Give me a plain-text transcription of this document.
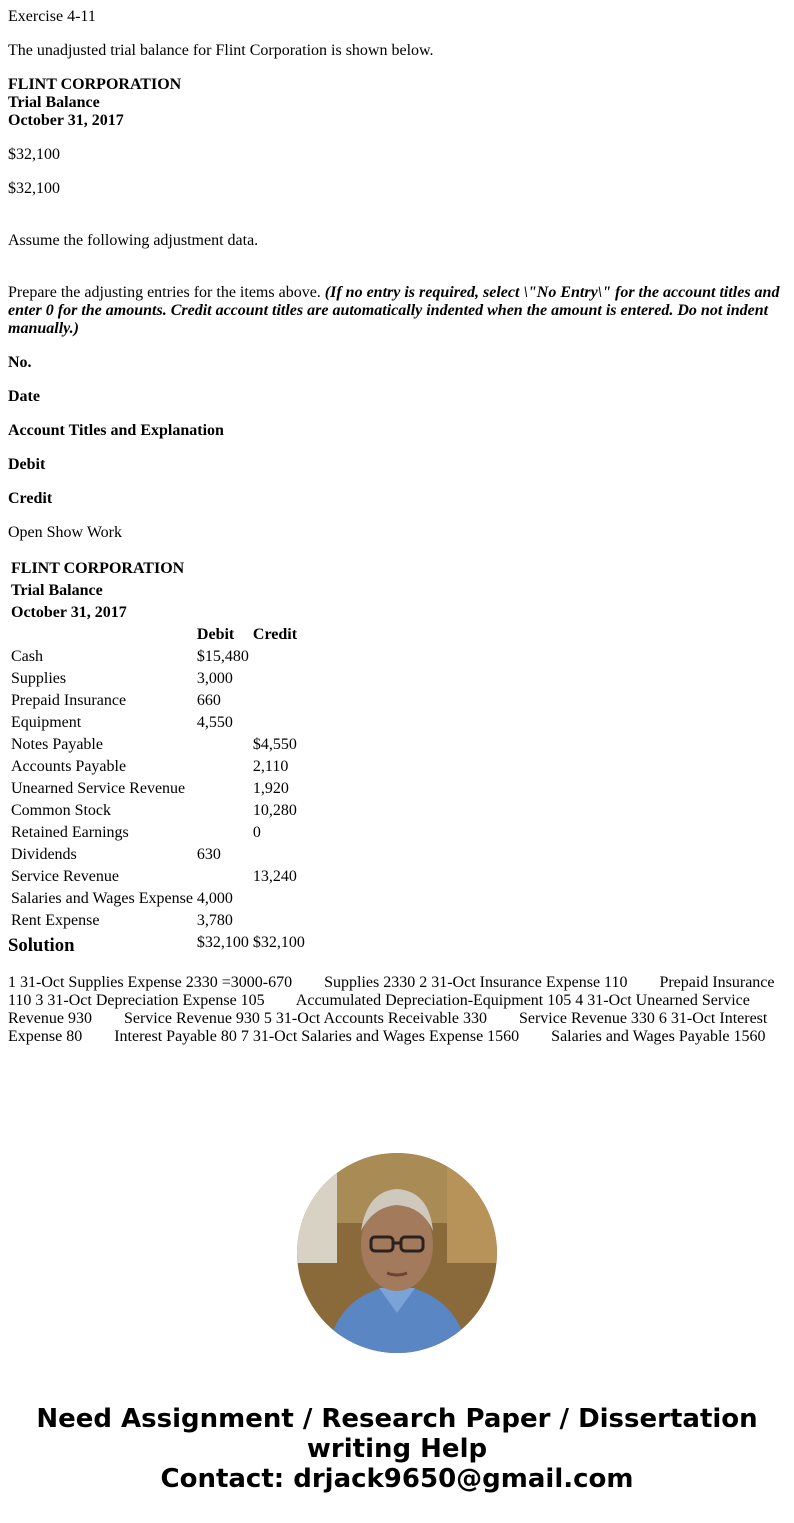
Exercise 4-11
The unadjusted trial balance for Flint Corporation is shown below.
FLINT CORPORATION
Trial Balance
October 31, 2017
$32,100
$32,100
Assume the following adjustment data.
Prepare the adjusting entries for the items above. (If no entry is required, select \"No Entry\" for the account titles and enter 0 for the amounts. Credit account titles are automatically indented when the amount is entered. Do not indent manually.)
No.
Date
Account Titles and Explanation
Debit
Credit
Open Show Work
FLINT CORPORATION		
Trial Balance		
October 31, 2017		
	Debit	Credit
Cash	$15,480	
Supplies	3,000	
Prepaid Insurance	660	
Equipment	4,550	
Notes Payable		$4,550
Accounts Payable		2,110
Unearned Service Revenue		1,920
Common Stock		10,280
Retained Earnings		0
Dividends	630	
Service Revenue		13,240
Salaries and Wages Expense	4,000	
Rent Expense	3,780	
	$32,100	$32,100
Solution
1 31-Oct Supplies Expense 2330 =3000-670        Supplies 2330 2 31-Oct Insurance Expense 110        Prepaid Insurance 110 3 31-Oct Depreciation Expense 105        Accumulated Depreciation-Equipment 105 4 31-Oct Unearned Service Revenue 930        Service Revenue 930 5 31-Oct Accounts Receivable 330        Service Revenue 330 6 31-Oct Interest Expense 80        Interest Payable 80 7 31-Oct Salaries and Wages Expense 1560        Salaries and Wages Payable 1560
Need Assignment / Research Paper / Dissertation
writing Help
Contact: drjack9650@gmail.com
